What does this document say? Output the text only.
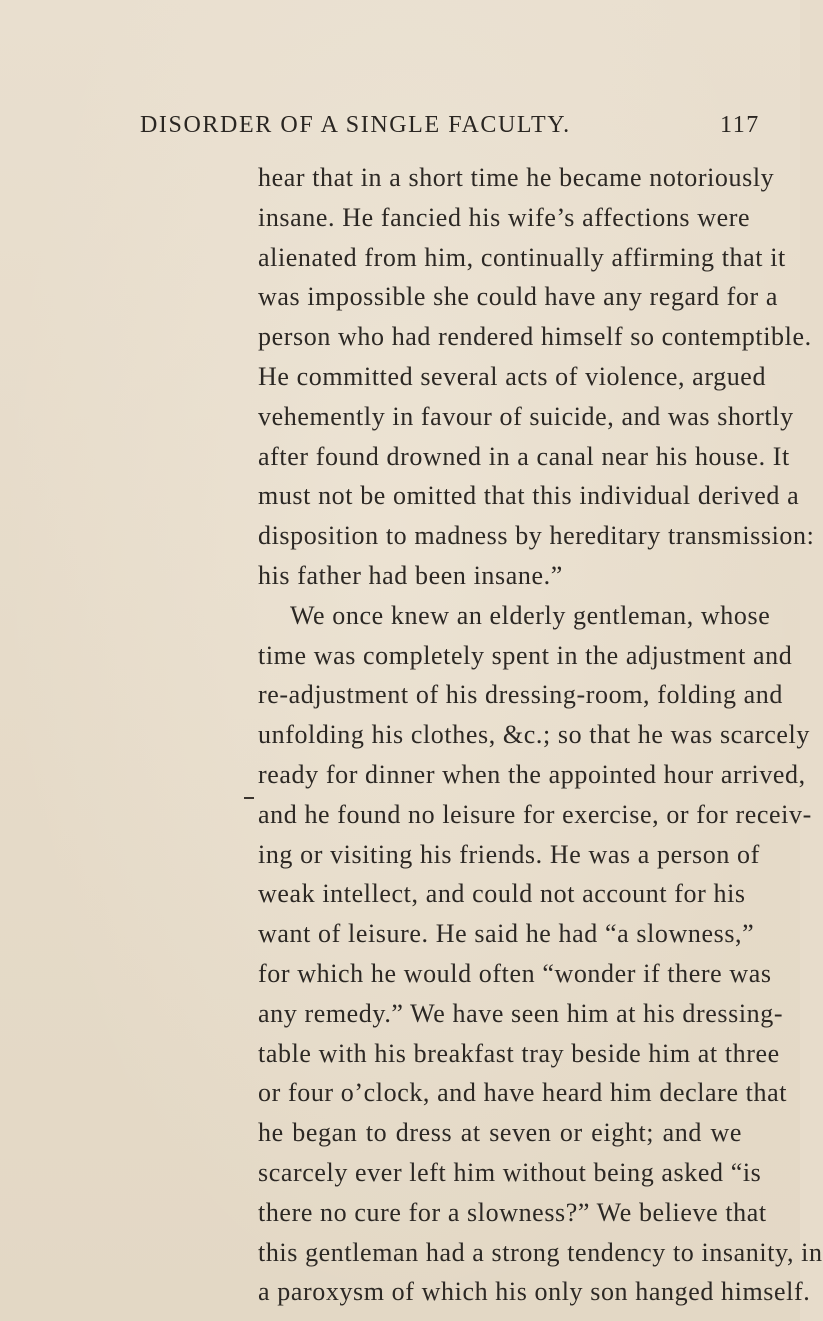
DISORDER OF A SINGLE FACULTY.	117
hear that in a short time he became notoriously
insane. He fancied his wife’s affections were
alienated from him, continually affirming that it
was impossible she could have any regard for a
person who had rendered himself so contemptible.
He committed several acts of violence, argued
vehemently in favour of suicide, and was shortly
after found drowned in a canal near his house. It
must not be omitted that this individual derived a
disposition to madness by hereditary transmission:
his father had been insane.”
We once knew an elderly gentleman, whose
time was completely spent in the adjustment and
re-adjustment of his dressing-room, folding and
unfolding his clothes, &c.; so that he was scarcely
ready for dinner when the appointed hour arrived,
and he found no leisure for exercise, or for receiv-
ing or visiting his friends. He was a person of
weak intellect, and could not account for his
want of leisure. He said he had “a slowness,”
for which he would often “wonder if there was
any remedy.” We have seen him at his dressing-
table with his breakfast tray beside him at three
or four o’clock, and have heard him declare that
he began to dress at seven or eight; and we
scarcely ever left him without being asked “is
there no cure for a slowness?” We believe that
this gentleman had a strong tendency to insanity, in
a paroxysm of which his only son hanged himself.
